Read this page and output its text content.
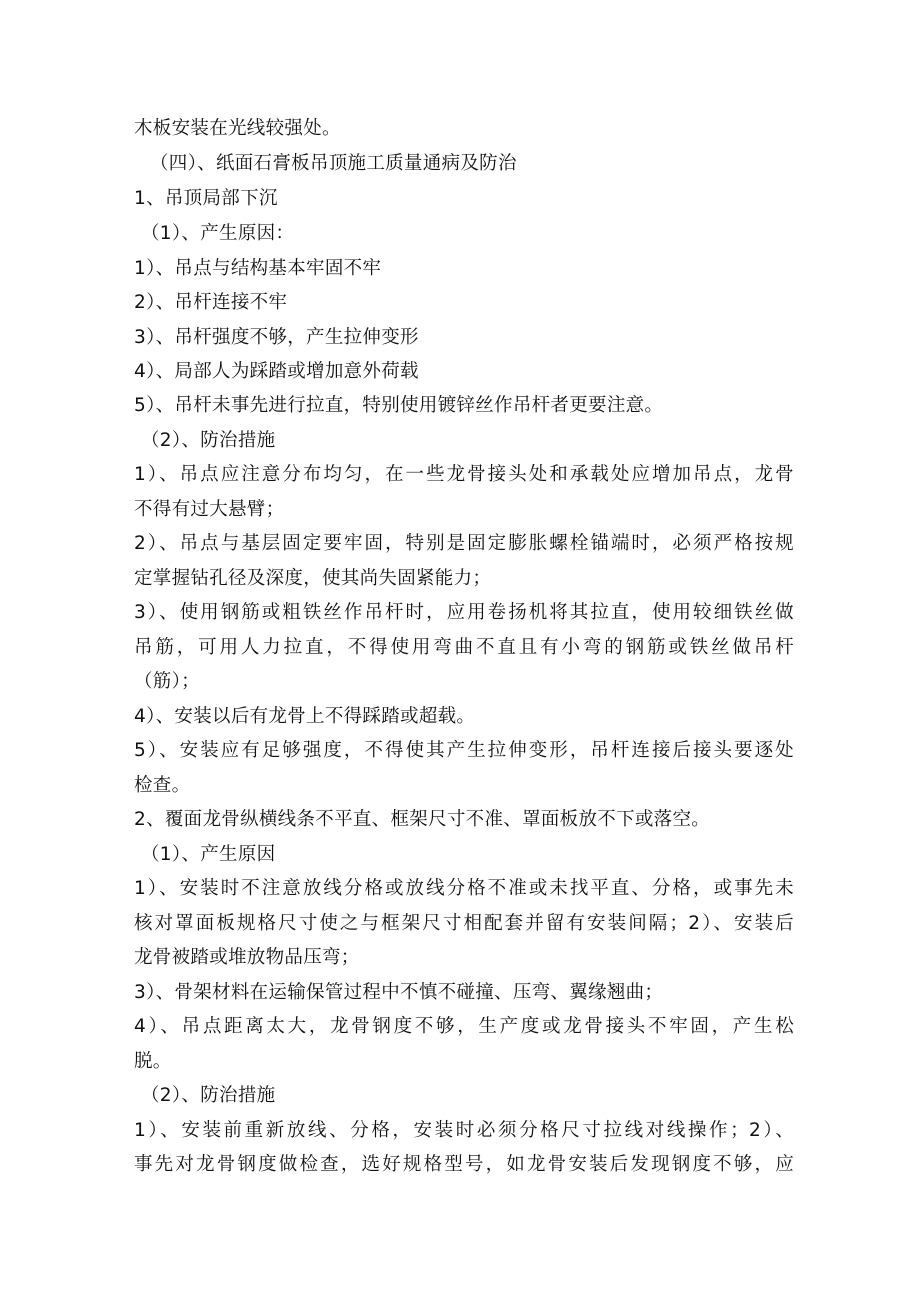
木板安装在光线较强处。
（四）、纸面石膏板吊顶施工质量通病及防治
1、吊顶局部下沉
（1）、产生原因：
1）、吊点与结构基本牢固不牢
2）、吊杆连接不牢
3）、吊杆强度不够，产生拉伸变形
4）、局部人为踩踏或增加意外荷载
5）、吊杆未事先进行拉直，特别使用镀锌丝作吊杆者更要注意。
（2）、防治措施
1）、吊点应注意分布均匀，在一些龙骨接头处和承载处应增加吊点，龙骨
不得有过大悬臂；
2）、吊点与基层固定要牢固，特别是固定膨胀螺栓锚端时，必须严格按规
定掌握钻孔径及深度，使其尚失固紧能力；
3）、使用钢筋或粗铁丝作吊杆时，应用卷扬机将其拉直，使用较细铁丝做
吊筋，可用人力拉直，不得使用弯曲不直且有小弯的钢筋或铁丝做吊杆
（筋）；
4）、安装以后有龙骨上不得踩踏或超载。
5）、安装应有足够强度，不得使其产生拉伸变形，吊杆连接后接头要逐处
检查。
2、覆面龙骨纵横线条不平直、框架尺寸不准、罩面板放不下或落空。
（1）、产生原因
1）、安装时不注意放线分格或放线分格不准或未找平直、分格，或事先未
核对罩面板规格尺寸使之与框架尺寸相配套并留有安装间隔；2）、安装后
龙骨被踏或堆放物品压弯；
3）、骨架材料在运输保管过程中不慎不碰撞、压弯、翼缘翘曲；
4）、吊点距离太大，龙骨钢度不够，生产度或龙骨接头不牢固，产生松
脱。
（2）、防治措施
1）、安装前重新放线、分格，安装时必须分格尺寸拉线对线操作；2）、
事先对龙骨钢度做检查，选好规格型号，如龙骨安装后发现钢度不够，应
